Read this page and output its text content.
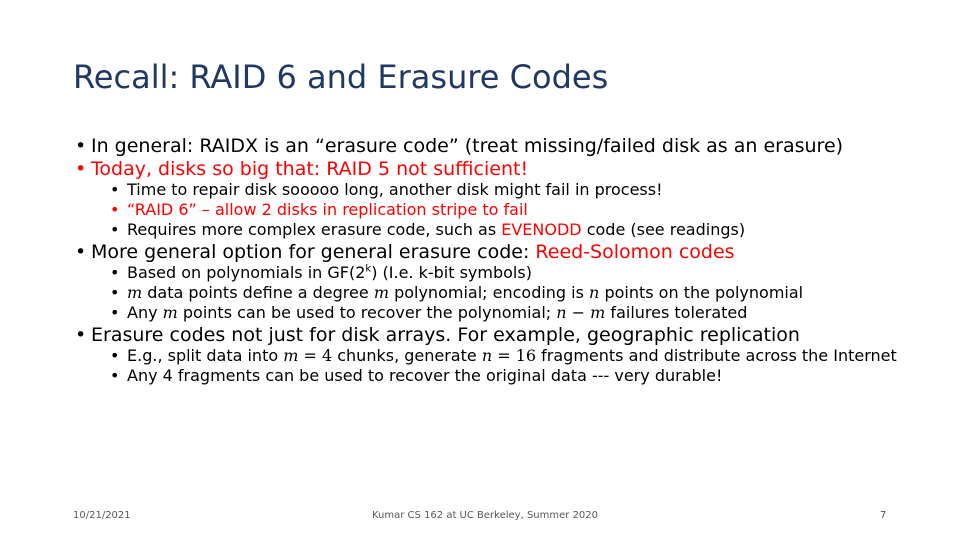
Recall: RAID 6 and Erasure Codes
• In general: RAIDX is an “erasure code” (treat missing/failed disk as an erasure)
• Today, disks so big that: RAID 5 not sufficient!
• Time to repair disk sooooo long, another disk might fail in process!
• “RAID 6” – allow 2 disks in replication stripe to fail
• Requires more complex erasure code, such as EVENODD code (see readings)
• More general option for general erasure code: Reed-Solomon codes
• Based on polynomials in GF(2$^k$) (I.e. k-bit symbols)
• m data points define a degree m polynomial; encoding is n points on the polynomial
• Any m points can be used to recover the polynomial; n − m failures tolerated
• Erasure codes not just for disk arrays. For example, geographic replication
• E.g., split data into m = 4 chunks, generate n = 16 fragments and distribute across the Internet
• Any 4 fragments can be used to recover the original data --- very durable!
10/21/2021	Kumar CS 162 at UC Berkeley, Summer 2020	7
